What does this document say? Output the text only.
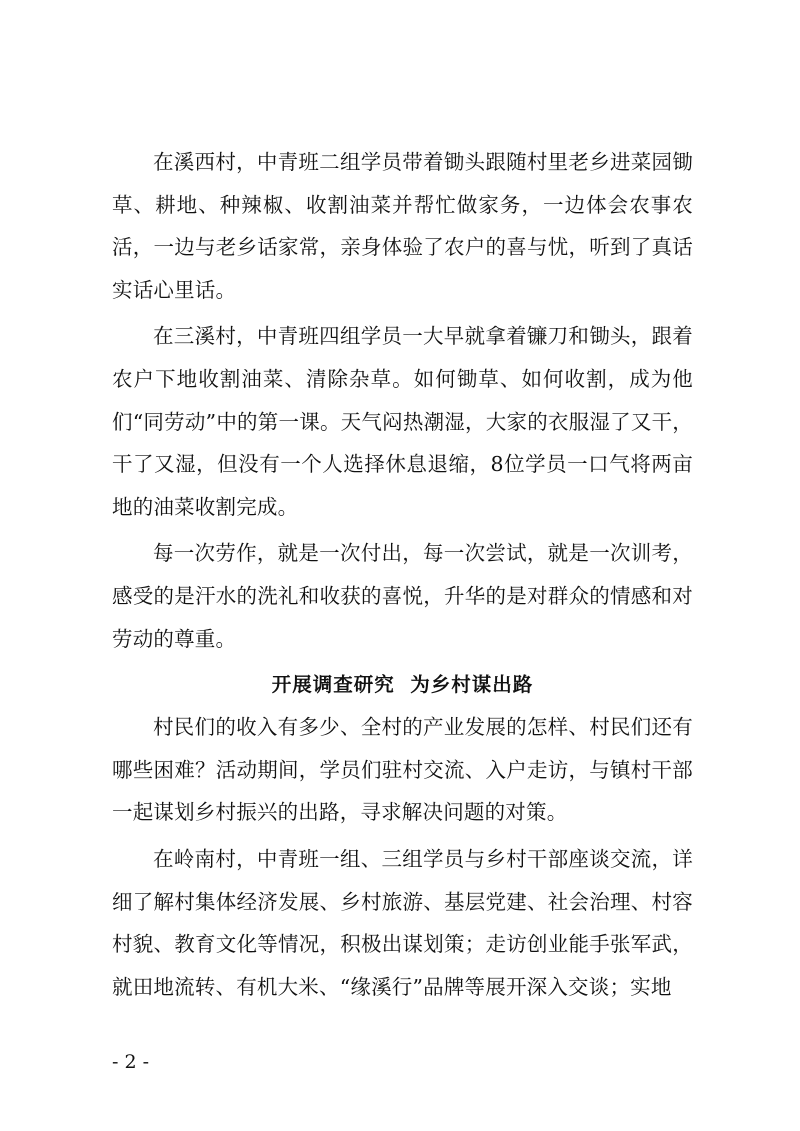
在溪西村，中青班二组学员带着锄头跟随村里老乡进菜园锄草、耕地、种辣椒、收割油菜并帮忙做家务，一边体会农事农活，一边与老乡话家常，亲身体验了农户的喜与忧，听到了真话实话心里话。

在三溪村，中青班四组学员一大早就拿着镰刀和锄头，跟着农户下地收割油菜、清除杂草。如何锄草、如何收割，成为他们“同劳动”中的第一课。天气闷热潮湿，大家的衣服湿了又干，干了又湿，但没有一个人选择休息退缩，8位学员一口气将两亩地的油菜收割完成。

每一次劳作，就是一次付出，每一次尝试，就是一次训考，感受的是汗水的洗礼和收获的喜悦，升华的是对群众的情感和对劳动的尊重。

开展调查研究  为乡村谋出路

村民们的收入有多少、全村的产业发展的怎样、村民们还有哪些困难？活动期间，学员们驻村交流、入户走访，与镇村干部一起谋划乡村振兴的出路，寻求解决问题的对策。

在岭南村，中青班一组、三组学员与乡村干部座谈交流，详细了解村集体经济发展、乡村旅游、基层党建、社会治理、村容村貌、教育文化等情况，积极出谋划策；走访创业能手张军武，就田地流转、有机大米、“缘溪行”品牌等展开深入交谈；实地

- 2 -
